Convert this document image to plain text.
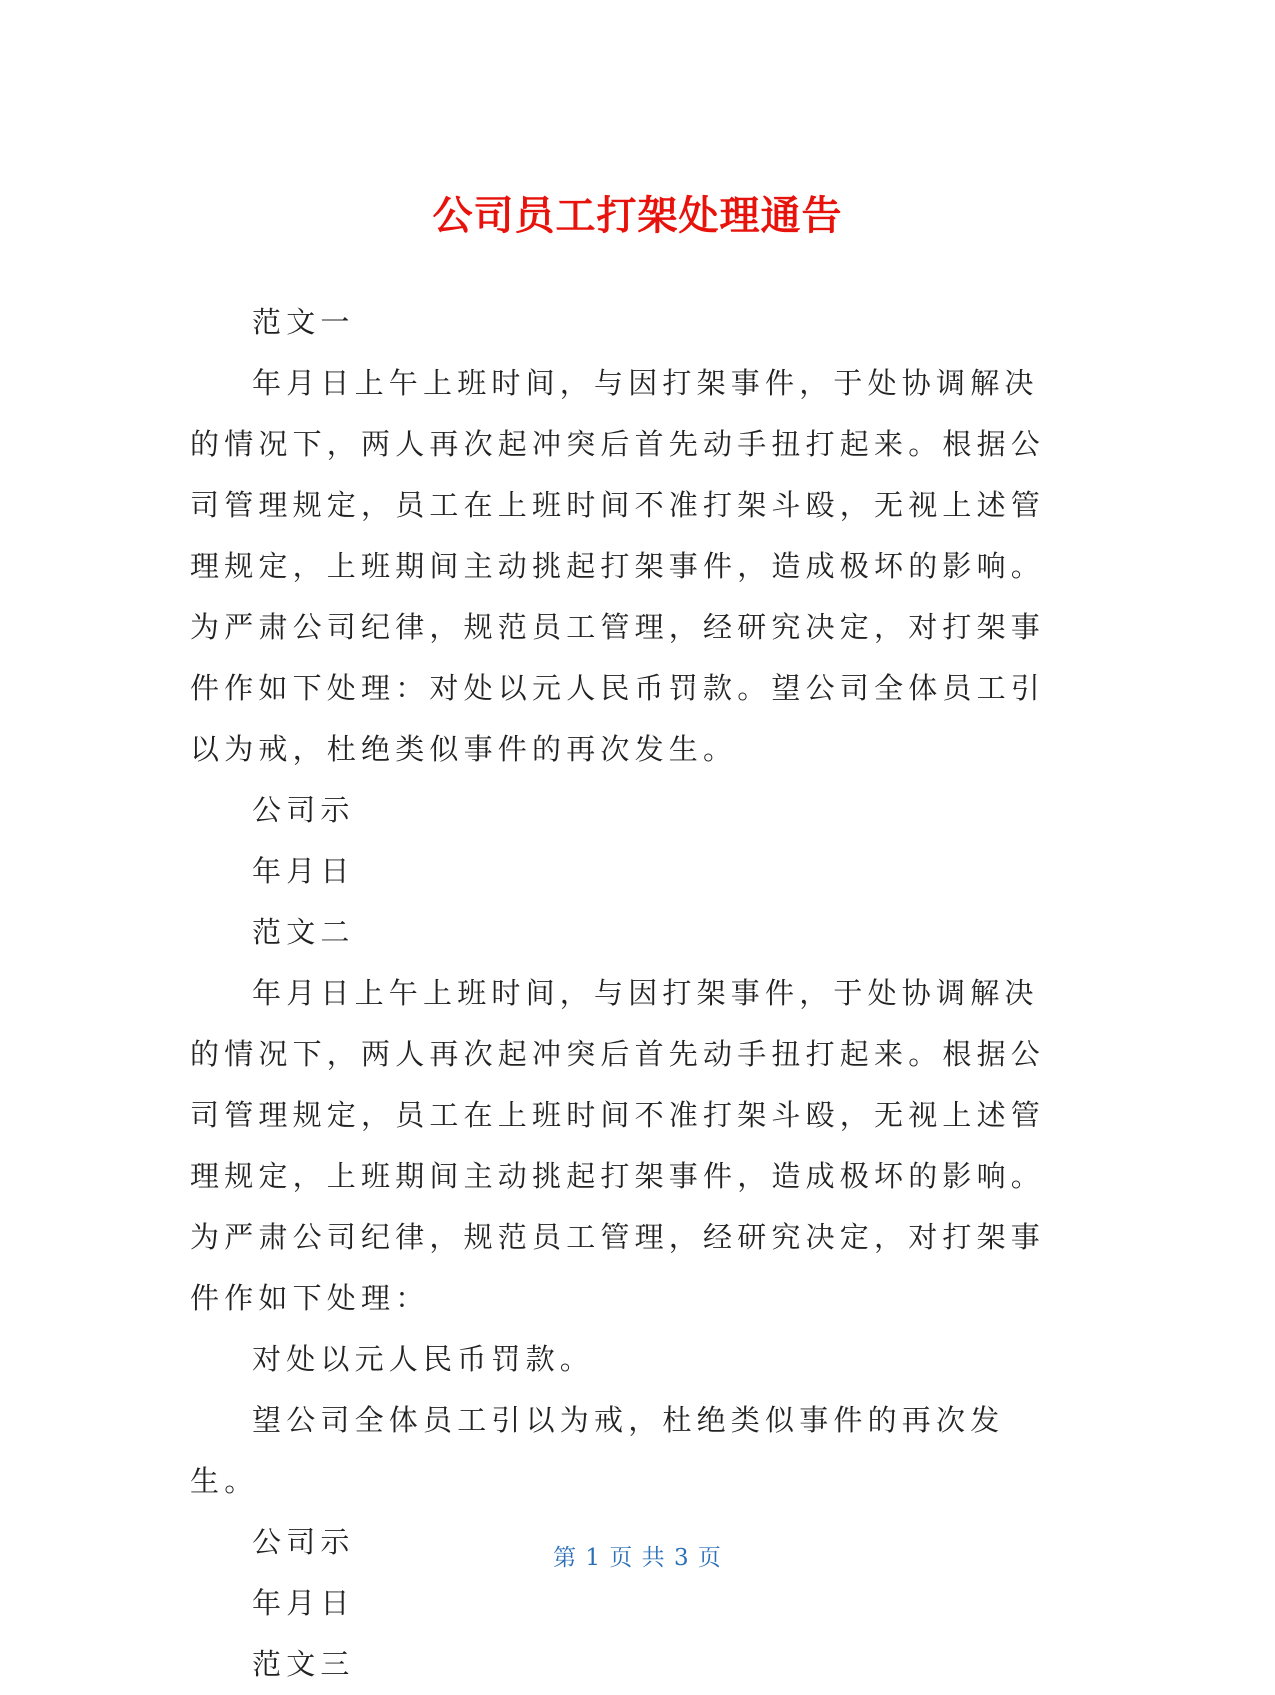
公司员工打架处理通告

范文一

年月日上午上班时间，与因打架事件，于处协调解决的情况下，两人再次起冲突后首先动手扭打起来。根据公司管理规定，员工在上班时间不准打架斗殴，无视上述管理规定，上班期间主动挑起打架事件，造成极坏的影响。为严肃公司纪律，规范员工管理，经研究决定，对打架事件作如下处理：对处以元人民币罚款。望公司全体员工引以为戒，杜绝类似事件的再次发生。

公司示

年月日

范文二

年月日上午上班时间，与因打架事件，于处协调解决的情况下，两人再次起冲突后首先动手扭打起来。根据公司管理规定，员工在上班时间不准打架斗殴，无视上述管理规定，上班期间主动挑起打架事件，造成极坏的影响。为严肃公司纪律，规范员工管理，经研究决定，对打架事件作如下处理：

对处以元人民币罚款。

望公司全体员工引以为戒，杜绝类似事件的再次发生。

公司示

年月日

范文三

第 1 页 共 3 页
